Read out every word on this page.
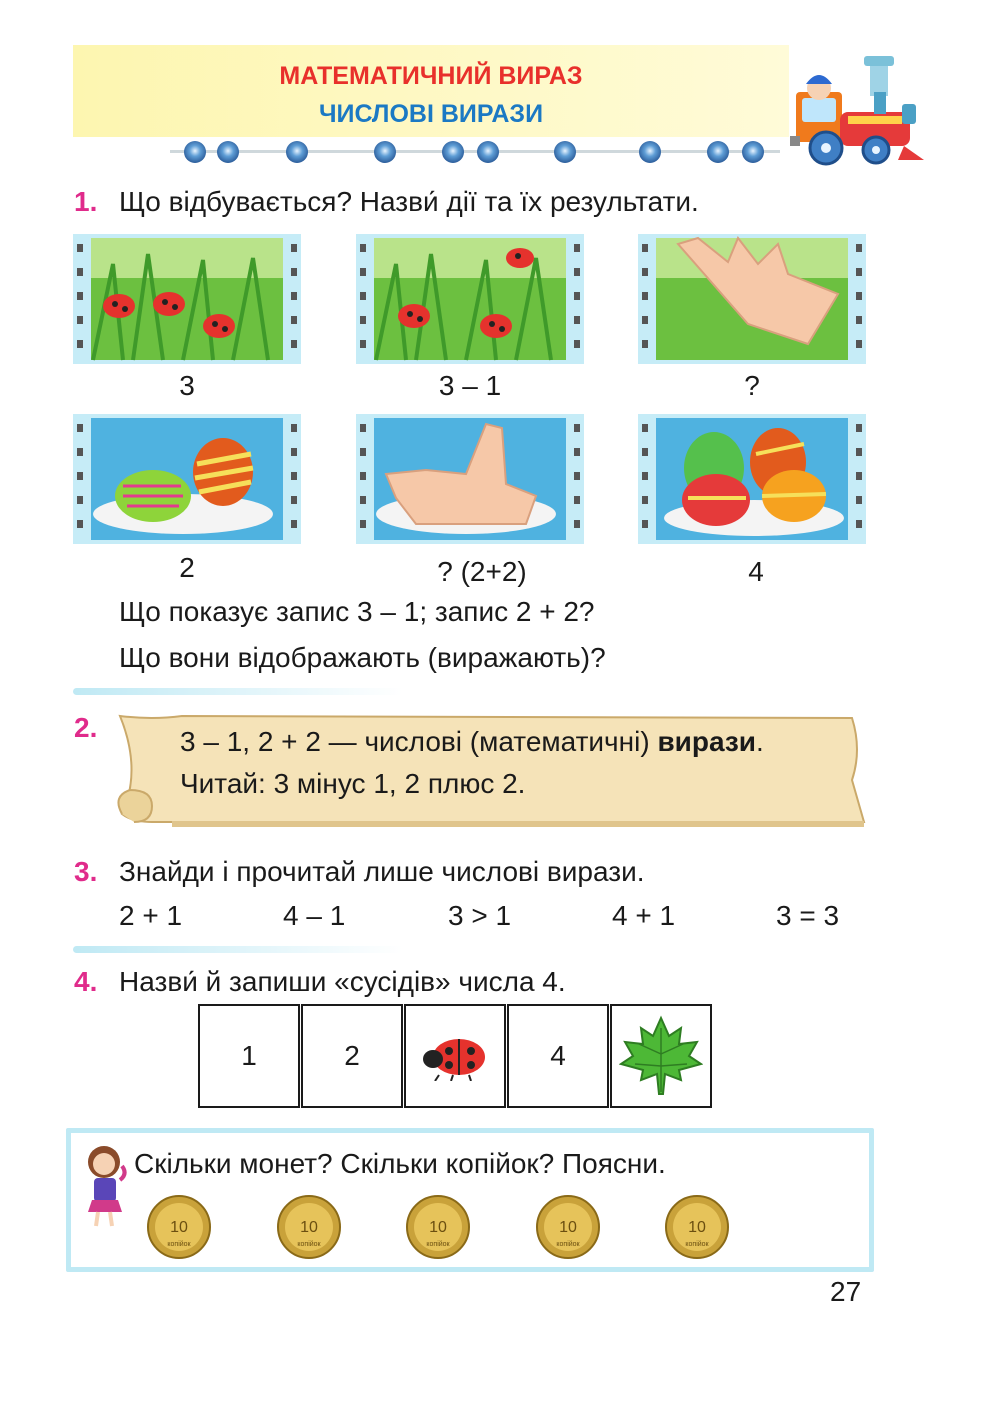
МАТЕМАТИЧНИЙ ВИРАЗ
ЧИСЛОВІ ВИРАЗИ
1. Що відбувається? Назви́ дії та їх результати.
3	3 – 1	?
2	? (2+2)	4
Що показує запис 3 – 1; запис 2 + 2?
Що вони відображають (виражають)?
2.	3 – 1, 2 + 2 — числові (математичні) вирази.
Читай: 3 мінус 1, 2 плюс 2.
3. Знайди і прочитай лише числові вирази.
2 + 1	4 – 1	3 > 1	4 + 1	3 = 3
4. Назви́ й запиши «сусідів» числа 4.
1	2	4
Скільки монет? Скільки копійок? Поясни.
10
копійок
10
копійок
10
копійок
10
копійок
10
копійок
27
